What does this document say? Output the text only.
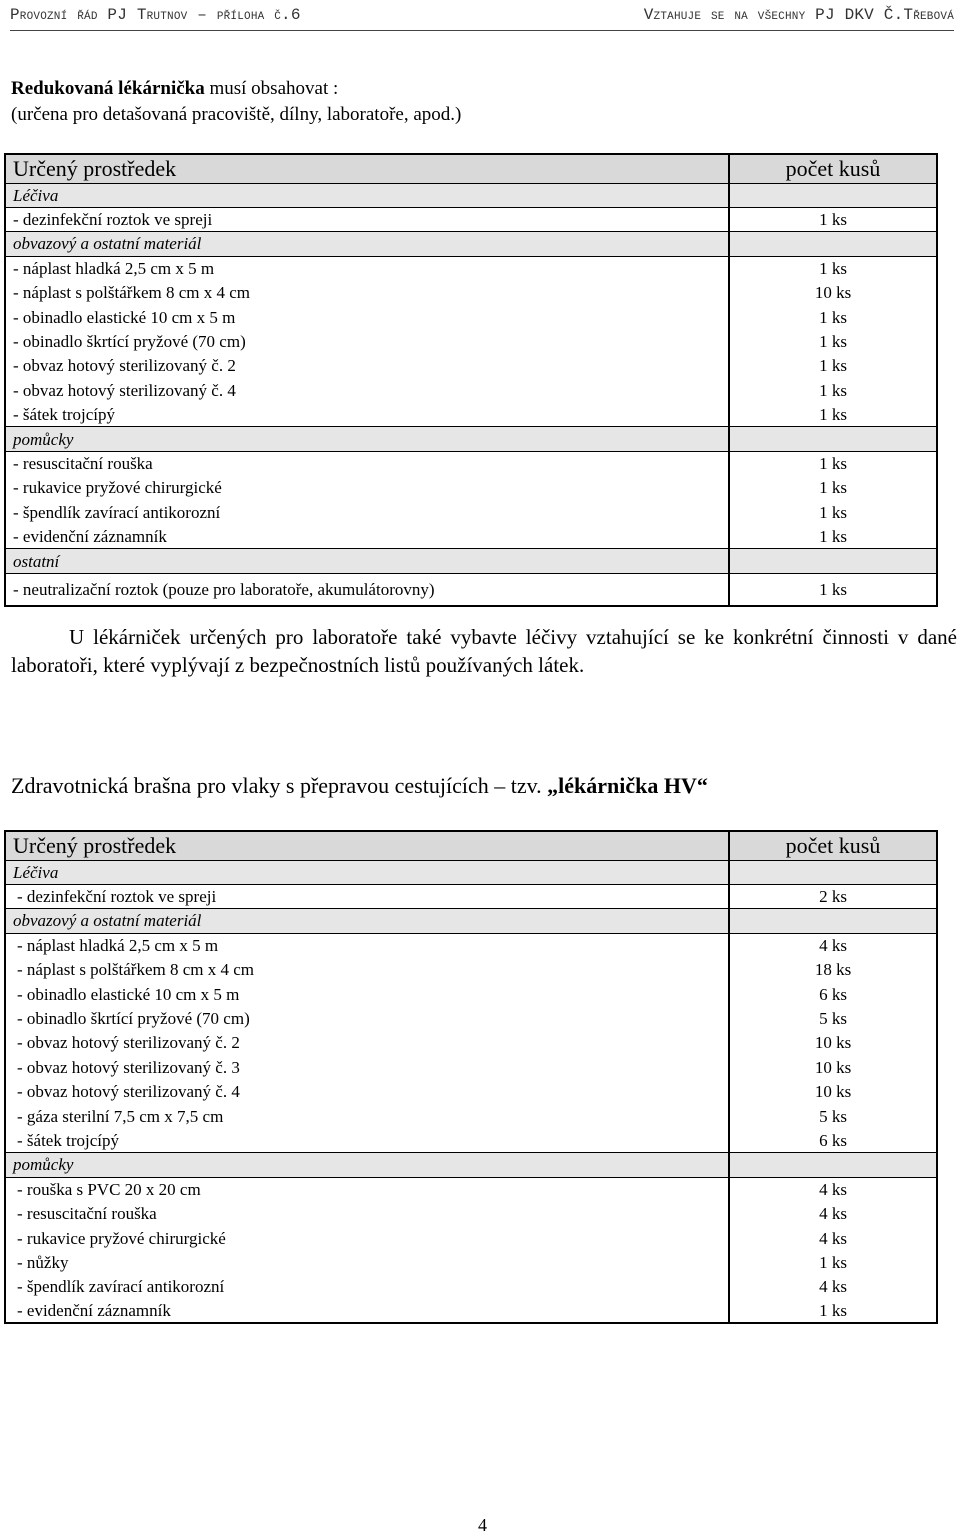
Provozní řád PJ Trutnov – příloha č.6	Vztahuje se na všechny PJ DKV Č.Třebová
Redukovaná lékárnička musí obsahovat :
(určena pro detašovaná pracoviště, dílny, laboratoře, apod.)
Určený prostředek	počet kusů
Léčiva	
- dezinfekční roztok ve spreji	1 ks
obvazový a ostatní materiál	
- náplast hladká 2,5 cm x 5 m	1 ks
- náplast s polštářkem 8 cm x 4 cm	10 ks
- obinadlo elastické 10 cm x 5 m	1 ks
- obinadlo škrtící pryžové (70 cm)	1 ks
- obvaz hotový sterilizovaný č. 2	1 ks
- obvaz hotový sterilizovaný č. 4	1 ks
- šátek trojcípý	1 ks
pomůcky	
- resuscitační rouška	1 ks
- rukavice pryžové chirurgické	1 ks
- špendlík zavírací antikorozní	1 ks
- evidenční záznamník	1 ks
ostatní	
- neutralizační roztok (pouze pro laboratoře, akumulátorovny)	1 ks
U lékárniček určených pro laboratoře také vybavte léčivy vztahující se ke konkrétní činnosti v dané laboratoři, které vyplývají z bezpečnostních listů používaných látek.
Zdravotnická brašna pro vlaky s přepravou cestujících – tzv. „lékárnička HV“
Určený prostředek	počet kusů
Léčiva	
- dezinfekční roztok ve spreji	2 ks
obvazový a ostatní materiál	
- náplast hladká 2,5 cm x 5 m	4 ks
- náplast s polštářkem 8 cm x 4 cm	18 ks
- obinadlo elastické 10 cm x 5 m	6 ks
- obinadlo škrtící pryžové (70 cm)	5 ks
- obvaz hotový sterilizovaný č. 2	10 ks
- obvaz hotový sterilizovaný č. 3	10 ks
- obvaz hotový sterilizovaný č. 4	10 ks
- gáza sterilní 7,5 cm x 7,5 cm	5 ks
- šátek trojcípý	6 ks
pomůcky	
- rouška s PVC 20 x 20 cm	4 ks
- resuscitační rouška	4 ks
- rukavice pryžové chirurgické	4 ks
- nůžky	1 ks
- špendlík zavírací antikorozní	4 ks
- evidenční záznamník	1 ks
4
